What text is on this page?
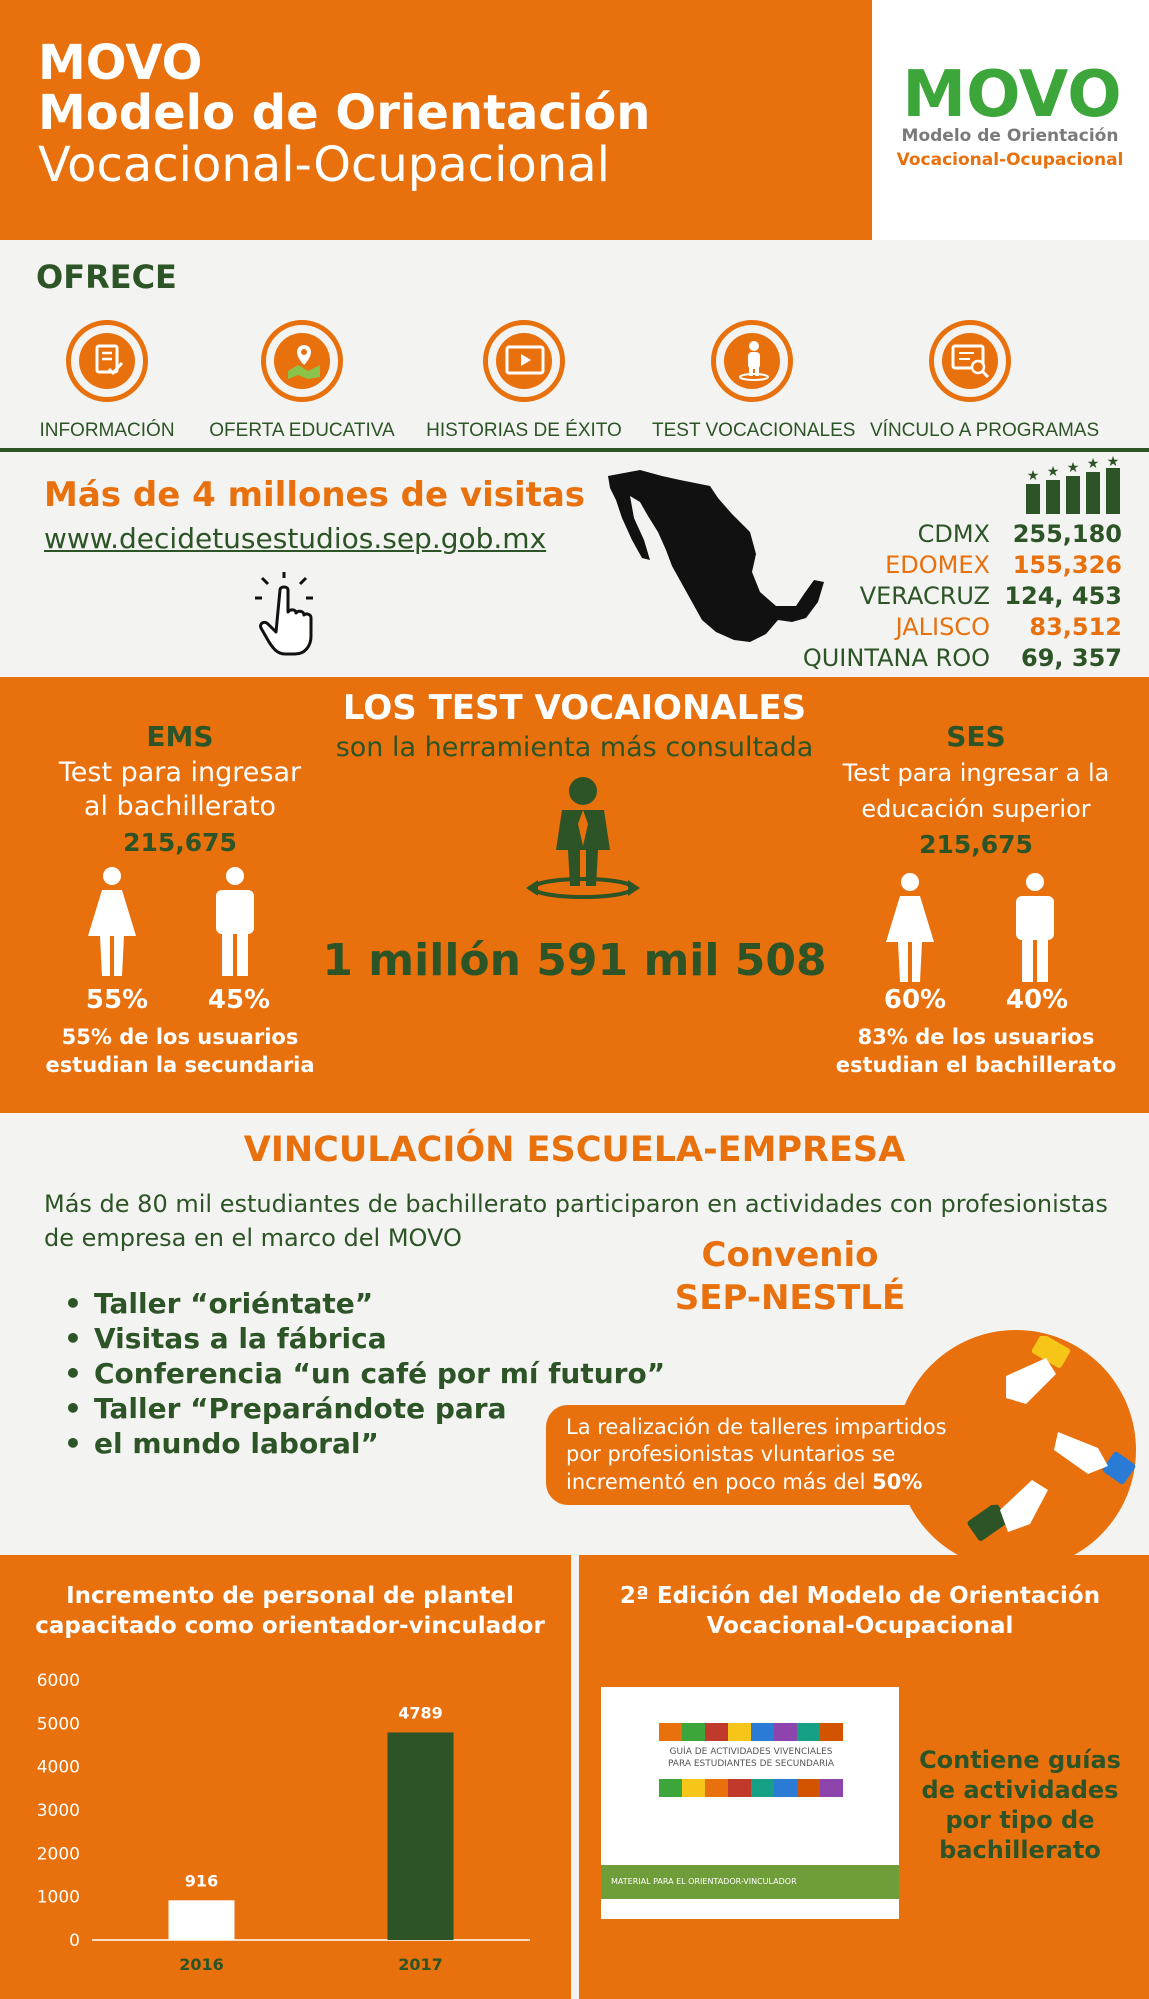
MOVO
Modelo de Orientación
Vocacional-Ocupacional
MOVO
Modelo de Orientación
Vocacional-Ocupacional
OFRECE
INFORMACIÓN	OFERTA EDUCATIVA	HISTORIAS DE ÉXITO TEST VOCACIONALES VÍNCULO A PROGRAMAS
Más de 4 millones de visitas
www.decidetusestudios.sep.gob.mx
★ ★ ★ ★ ★
CDMX 255,180
EDOMEX 155,326
VERACRUZ 124, 453
JALISCO	83,512
QUINTANA ROO	69, 357
LOS TEST VOCAIONALES
son la herramienta más consultada
EMS
Test para ingresar
al bachillerato
215,675
55%	45%
55% de los usuarios
estudian la secundaria
1 millón 591 mil 508
SES
Test para ingresar a la
educación superior
215,675
60%	40%
83% de los usuarios
estudian el bachillerato
VINCULACIÓN ESCUELA-EMPRESA
Más de 80 mil estudiantes de bachillerato participaron en actividades con profesionistas de empresa en el marco del MOVO	Convenio
SEP-NESTLÉ
• Taller “oriéntate”
• Visitas a la fábrica
• Conferencia “un café por mí futuro”
• Taller “Preparándote para
• el mundo laboral”	La realización de talleres impartidos
por profesionistas vluntarios se
incrementó en poco más del 50%
Incremento de personal de plantel
capacitado como orientador-vinculador
0
1000
2000
3000
4000
5000
6000
916
2016
4789
2017
2ª Edición del Modelo de Orientación
Vocacional-Ocupacional
GUÍA DE ACTIVIDADES VIVENCIALES
PARA ESTUDIANTES DE SECUNDARIA
MATERIAL PARA EL ORIENTADOR-VINCULADOR
Contiene guías de actividades por tipo de bachillerato
